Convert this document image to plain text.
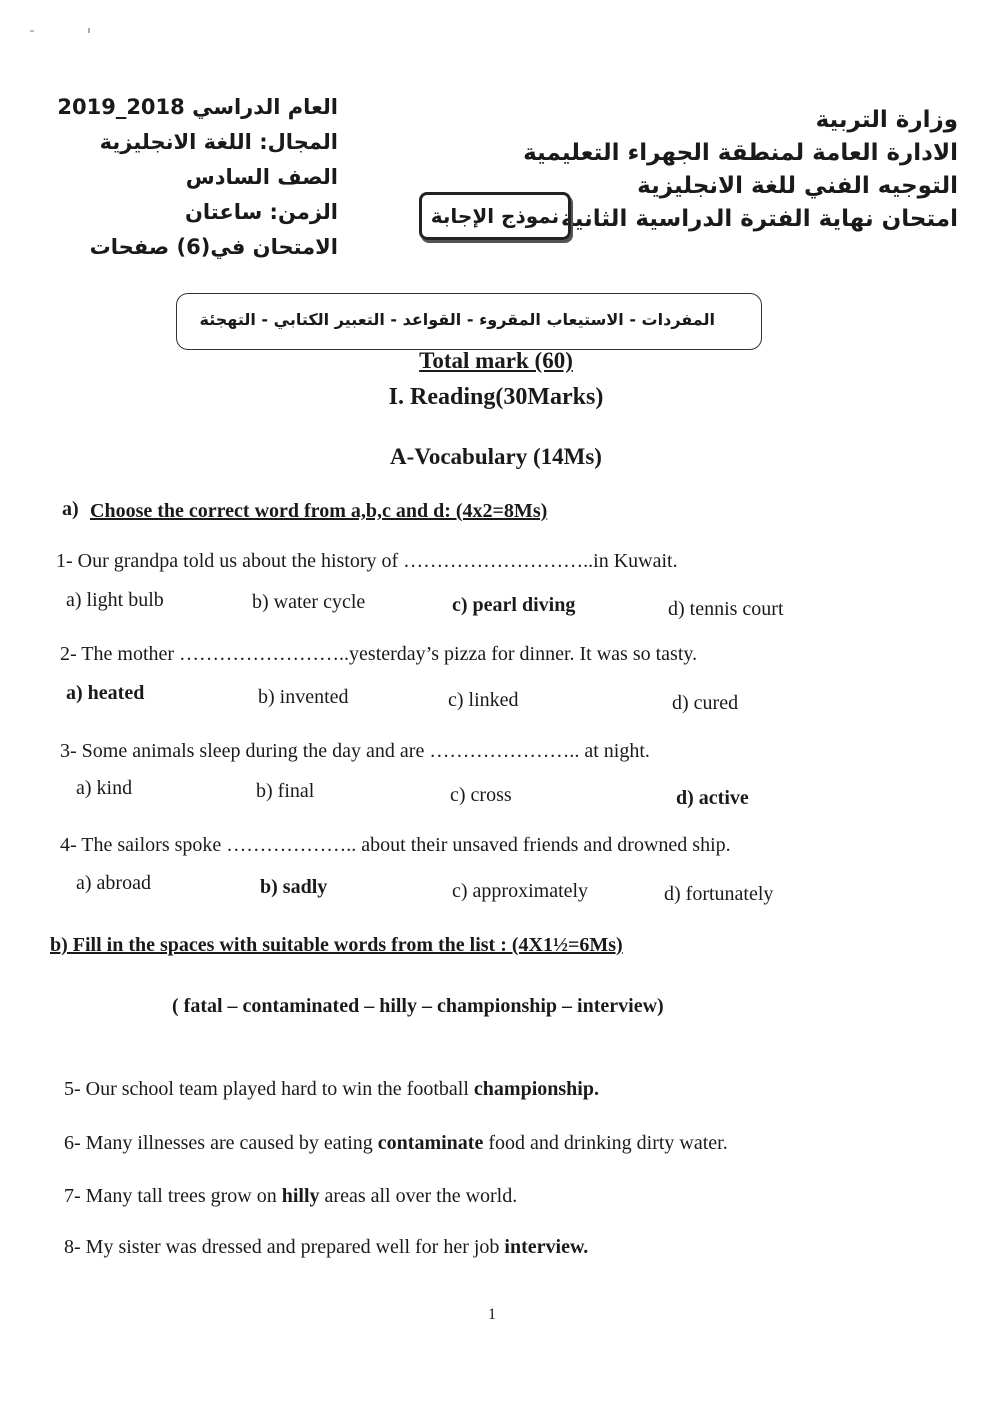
وزارة التربية
الادارة العامة لمنطقة الجهراء التعليمية
التوجيه الفني للغة الانجليزية
امتحان نهاية الفترة الدراسية الثانية
العام الدراسي 2018_2019
المجال: اللغة الانجليزية
الصف السادس
الزمن: ساعتان
الامتحان في(6) صفحات
نموذج الإجابة
المفردات - الاستيعاب المقروء - القواعد - التعبير الكتابي - التهجئة
Total mark (60)
I. Reading(30Marks)
A-Vocabulary (14Ms)
a) Choose the correct word from a,b,c and d: (4x2=8Ms)
1- Our grandpa told us about the history of ………………………..in Kuwait.
a) light bulb	b) water cycle	c) pearl diving	d) tennis court
2- The mother ……………………..yesterday’s pizza for dinner. It was so tasty.
a) heated	b) invented	c) linked	d) cured
3- Some animals sleep during the day and are ………………….. at night.
a) kind	b) final	c) cross	d) active
4- The sailors spoke ……………….. about their unsaved friends and drowned ship.
a) abroad	b) sadly	c) approximately	d) fortunately
b) Fill in the spaces with suitable words from the list : (4X1½=6Ms)
( fatal – contaminated – hilly – championship – interview)
5- Our school team played hard to win the football championship.
6- Many illnesses are caused by eating contaminate food and drinking dirty water.
7- Many tall trees grow on hilly areas all over the world.
8- My sister was dressed and prepared well for her job interview.
1
